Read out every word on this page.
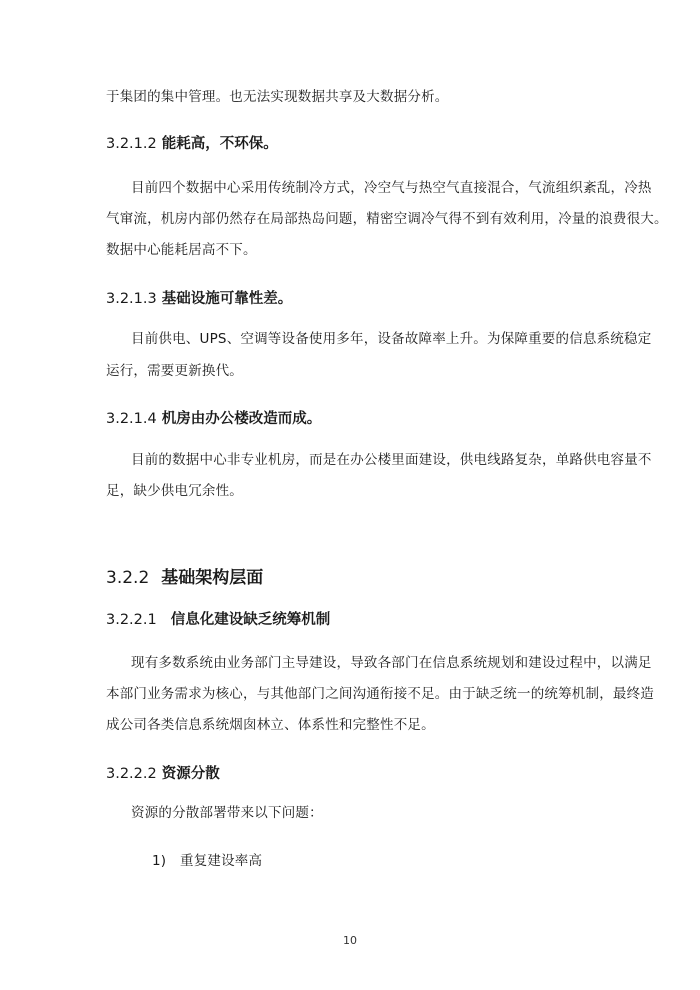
于集团的集中管理。也无法实现数据共享及大数据分析。
3.2.1.2 能耗高，不环保。
目前四个数据中心采用传统制冷方式，冷空气与热空气直接混合，气流组织紊乱，冷热
气窜流，机房内部仍然存在局部热岛问题，精密空调冷气得不到有效利用，冷量的浪费很大。
数据中心能耗居高不下。
3.2.1.3 基础设施可靠性差。
目前供电、UPS、空调等设备使用多年，设备故障率上升。为保障重要的信息系统稳定
运行，需要更新换代。
3.2.1.4 机房由办公楼改造而成。
目前的数据中心非专业机房，而是在办公楼里面建设，供电线路复杂，单路供电容量不
足，缺少供电冗余性。
3.2.2 基础架构层面
3.2.2.1 信息化建设缺乏统筹机制
现有多数系统由业务部门主导建设，导致各部门在信息系统规划和建设过程中，以满足
本部门业务需求为核心，与其他部门之间沟通衔接不足。由于缺乏统一的统筹机制，最终造
成公司各类信息系统烟囱林立、体系性和完整性不足。
3.2.2.2 资源分散
资源的分散部署带来以下问题：
1) 重复建设率高
10
